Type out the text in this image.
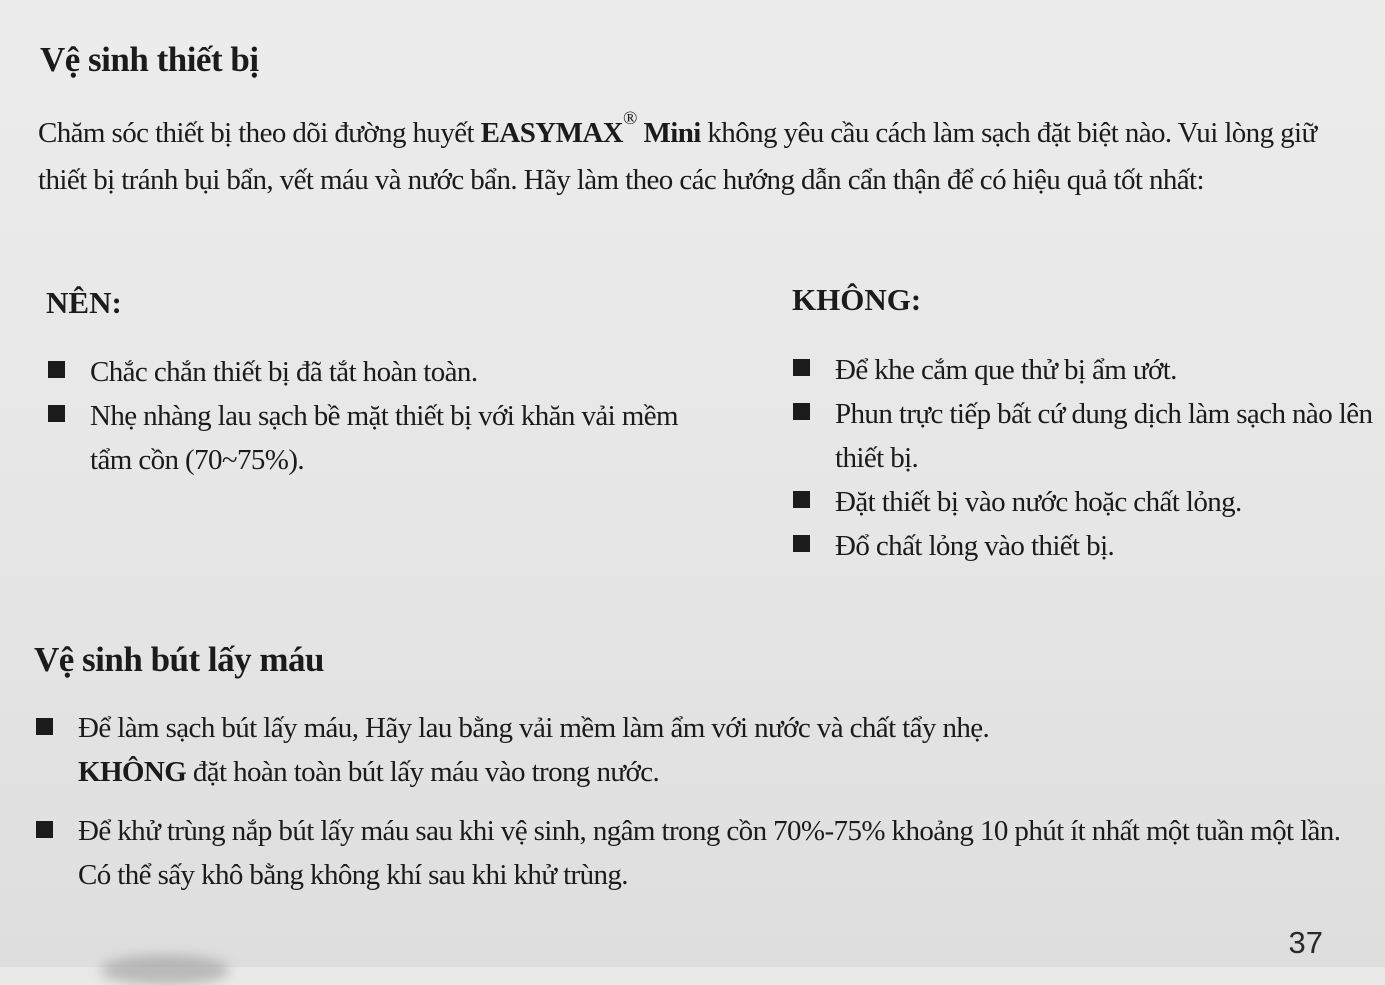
Vệ sinh thiết bị

Chăm sóc thiết bị theo dõi đường huyết EASYMAX® Mini không yêu cầu cách làm sạch đặt biệt nào. Vui lòng giữ thiết bị tránh bụi bẩn, vết máu và nước bẩn. Hãy làm theo các hướng dẫn cẩn thận để có hiệu quả tốt nhất:

NÊN:
Chắc chắn thiết bị đã tắt hoàn toàn.
Nhẹ nhàng lau sạch bề mặt thiết bị với khăn vải mềm tẩm cồn (70~75%).
KHÔNG:
Để khe cắm que thử bị ẩm ướt.
Phun trực tiếp bất cứ dung dịch làm sạch nào lên thiết bị.
Đặt thiết bị vào nước hoặc chất lỏng.
Đổ chất lỏng vào thiết bị.
Vệ sinh bút lấy máu
Để làm sạch bút lấy máu, Hãy lau bằng vải mềm làm ẩm với nước và chất tẩy nhẹ.
KHÔNG đặt hoàn toàn bút lấy máu vào trong nước.
Để khử trùng nắp bút lấy máu sau khi vệ sinh, ngâm trong cồn 70%-75% khoảng 10 phút ít nhất một tuần một lần. Có thể sấy khô bằng không khí sau khi khử trùng.
37
